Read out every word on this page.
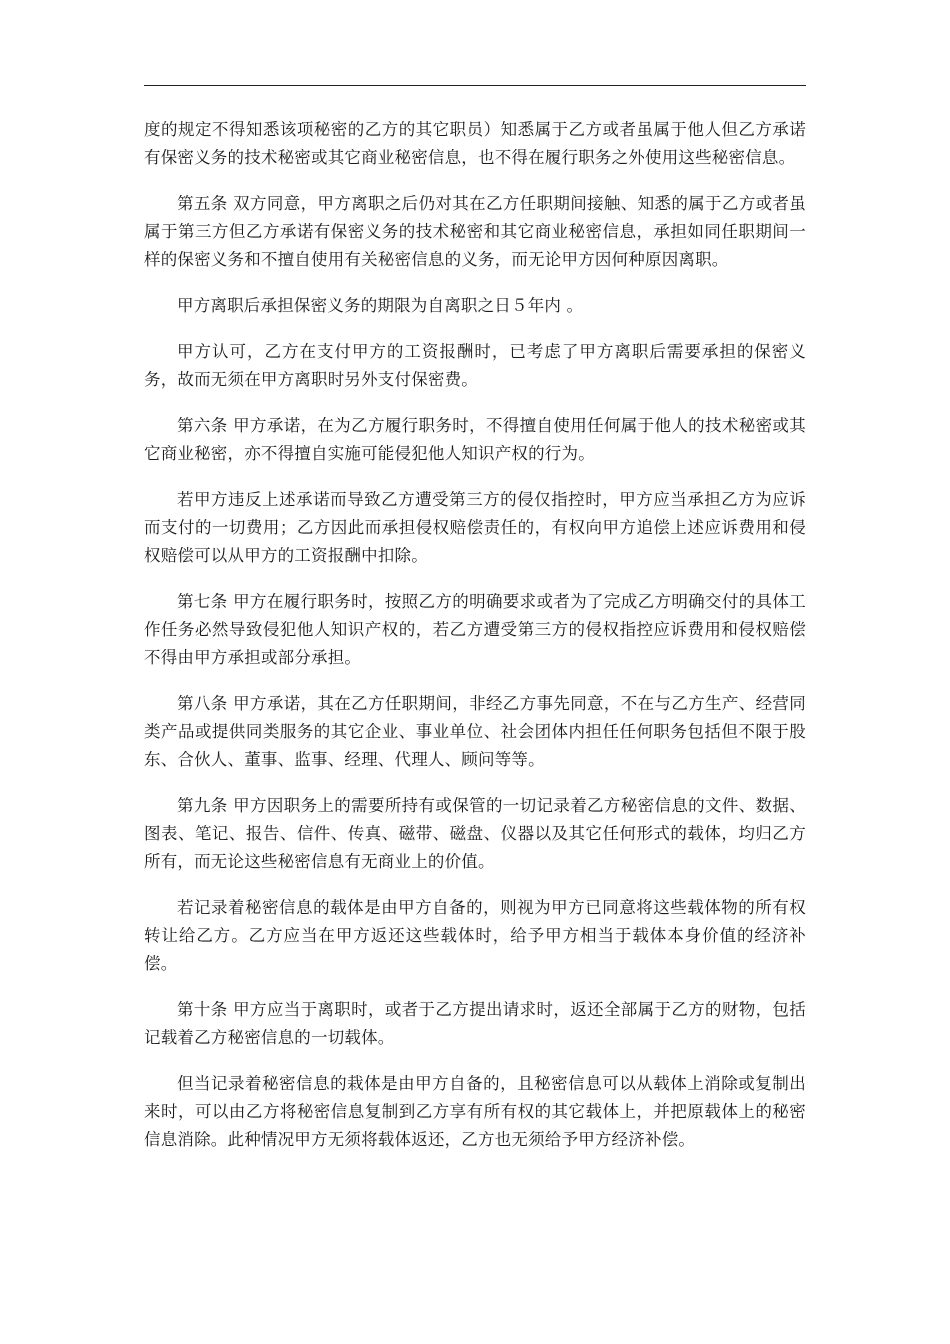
度的规定不得知悉该项秘密的乙方的其它职员）知悉属于乙方或者虽属于他人但乙方承诺有保密义务的技术秘密或其它商业秘密信息，也不得在履行职务之外使用这些秘密信息。

第五条 双方同意，甲方离职之后仍对其在乙方任职期间接触、知悉的属于乙方或者虽属于第三方但乙方承诺有保密义务的技术秘密和其它商业秘密信息，承担如同任职期间一样的保密义务和不擅自使用有关秘密信息的义务，而无论甲方因何种原因离职。

甲方离职后承担保密义务的期限为自离职之日５年内 。

甲方认可，乙方在支付甲方的工资报酬时，已考虑了甲方离职后需要承担的保密义务，故而无须在甲方离职时另外支付保密费。

第六条 甲方承诺，在为乙方履行职务时，不得擅自使用任何属于他人的技术秘密或其它商业秘密，亦不得擅自实施可能侵犯他人知识产权的行为。

若甲方违反上述承诺而导致乙方遭受第三方的侵仅指控时，甲方应当承担乙方为应诉而支付的一切费用；乙方因此而承担侵权赔偿责任的，有权向甲方追偿上述应诉费用和侵权赔偿可以从甲方的工资报酬中扣除。

第七条 甲方在履行职务时，按照乙方的明确要求或者为了完成乙方明确交付的具体工作任务必然导致侵犯他人知识产权的，若乙方遭受第三方的侵权指控应诉费用和侵权赔偿不得由甲方承担或部分承担。

第八条 甲方承诺，其在乙方任职期间，非经乙方事先同意，不在与乙方生产、经营同类产品或提供同类服务的其它企业、事业单位、社会团体内担任任何职务包括但不限于股东、合伙人、董事、监事、经理、代理人、顾问等等。

第九条 甲方因职务上的需要所持有或保管的一切记录着乙方秘密信息的文件、数据、图表、笔记、报告、信件、传真、磁带、磁盘、仪器以及其它任何形式的载体，均归乙方所有，而无论这些秘密信息有无商业上的价值。

若记录着秘密信息的载体是由甲方自备的，则视为甲方已同意将这些载体物的所有权转让给乙方。乙方应当在甲方返还这些载体时，给予甲方相当于载体本身价值的经济补偿。

第十条 甲方应当于离职时，或者于乙方提出请求时，返还全部属于乙方的财物，包括记载着乙方秘密信息的一切载体。

但当记录着秘密信息的栽体是由甲方自备的，且秘密信息可以从载体上消除或复制出来时，可以由乙方将秘密信息复制到乙方享有所有权的其它载体上，并把原载体上的秘密信息消除。此种情况甲方无须将载体返还，乙方也无须给予甲方经济补偿。
